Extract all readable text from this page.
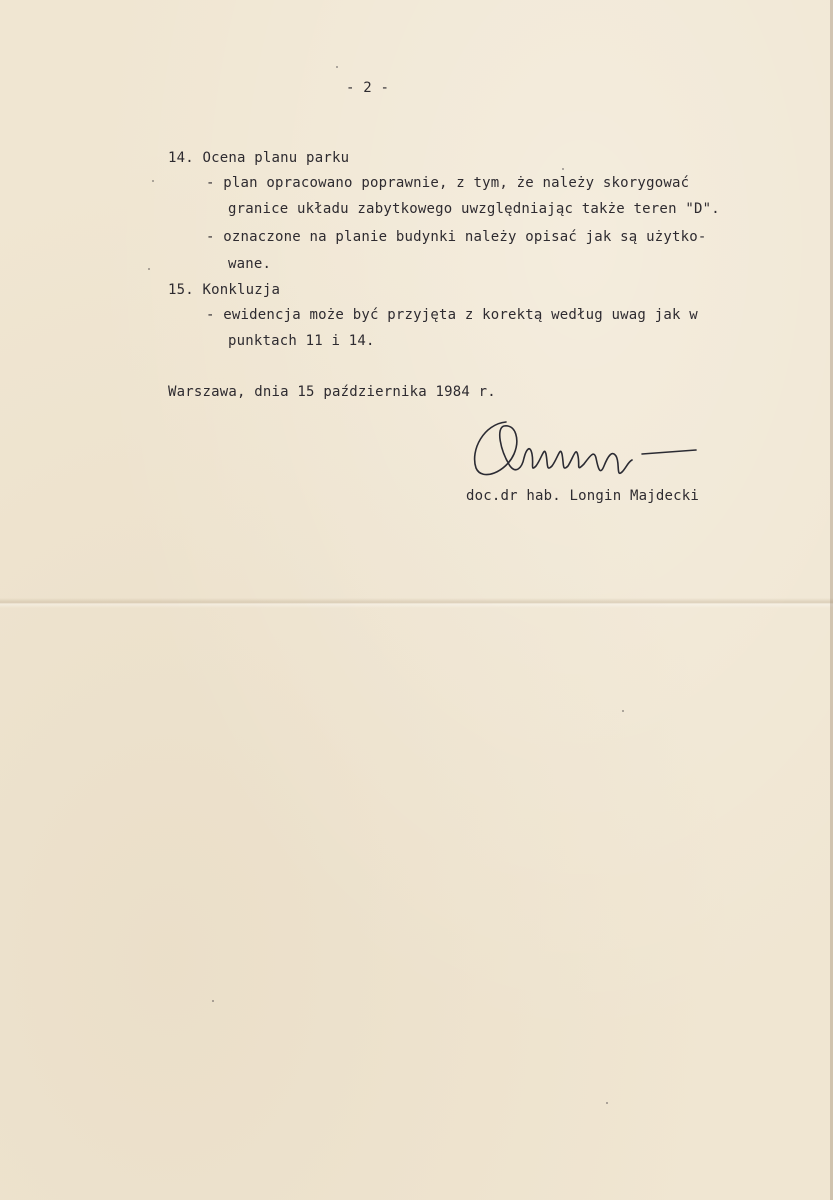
- 2 -
14. Ocena planu parku
- plan opracowano poprawnie, z tym, że należy skorygować
granice układu zabytkowego uwzględniając także teren "D".
- oznaczone na planie budynki należy opisać jak są użytko-
wane.
15. Konkluzja
- ewidencja może być przyjęta z korektą według uwag jak w
punktach 11 i 14.
Warszawa, dnia 15 października 1984 r.
doc.dr hab. Longin Majdecki
